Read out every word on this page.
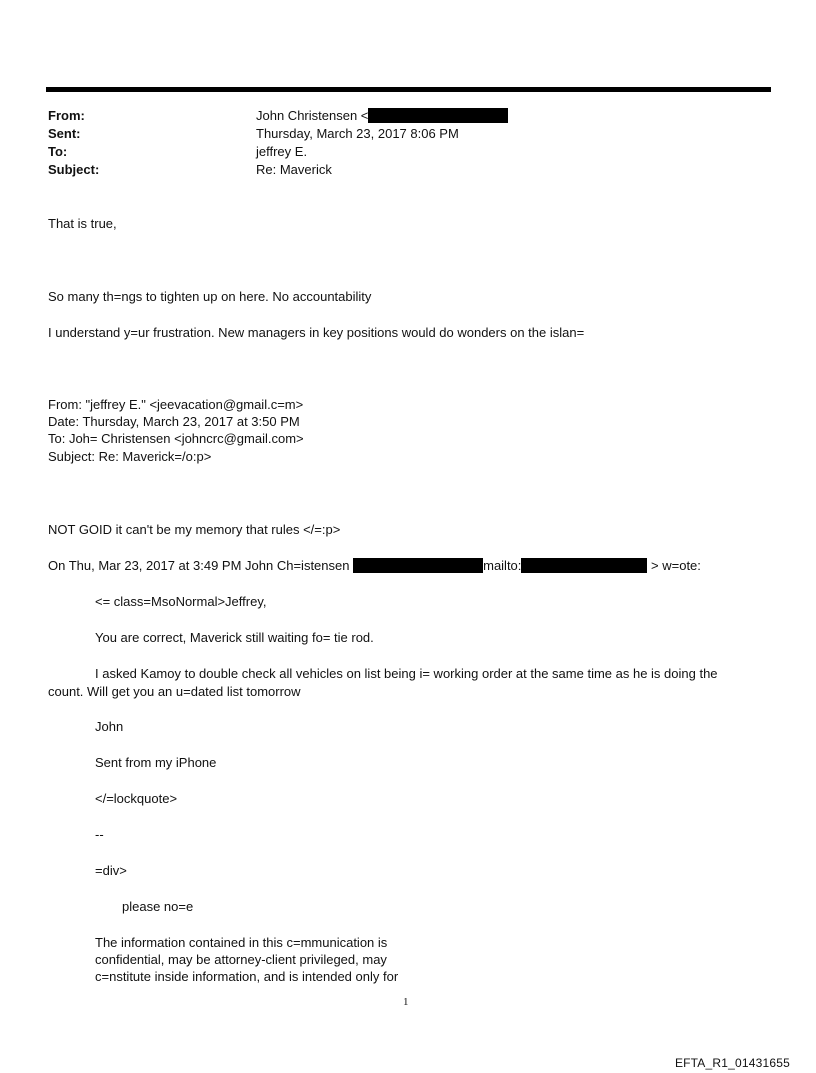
From:	John Christensen <
Sent:	Thursday, March 23, 2017 8:06 PM
To:	jeffrey E.
Subject:	Re: Maverick
That is true,
So many th=ngs to tighten up on here. No accountability
I understand y=ur frustration. New managers in key positions would do wonders on the islan=
From: "jeffrey E." <jeevacation@gmail.c=m>
Date: Thursday, March 23, 2017 at 3:50 PM
To: Joh= Christensen <johncrc@gmail.com>
Subject: Re: Maverick=/o:p>
NOT GOID it can't be my memory that rules </=:p>
On Thu, Mar 23, 2017 at 3:49 PM John Ch=istensen	mailto:	> w=ote:
<= class=MsoNormal>Jeffrey,
You are correct, Maverick still waiting fo= tie rod.
I asked Kamoy to double check all vehicles on list being i= working order at the same time as he is doing the
count. Will get you an u=dated list tomorrow
John
Sent from my iPhone
</=lockquote>
--
=div>
please no=e
The information contained in this c=mmunication is
confidential, may be attorney-client privileged, may
c=nstitute inside information, and is intended only for
1
EFTA_R1_01431655
